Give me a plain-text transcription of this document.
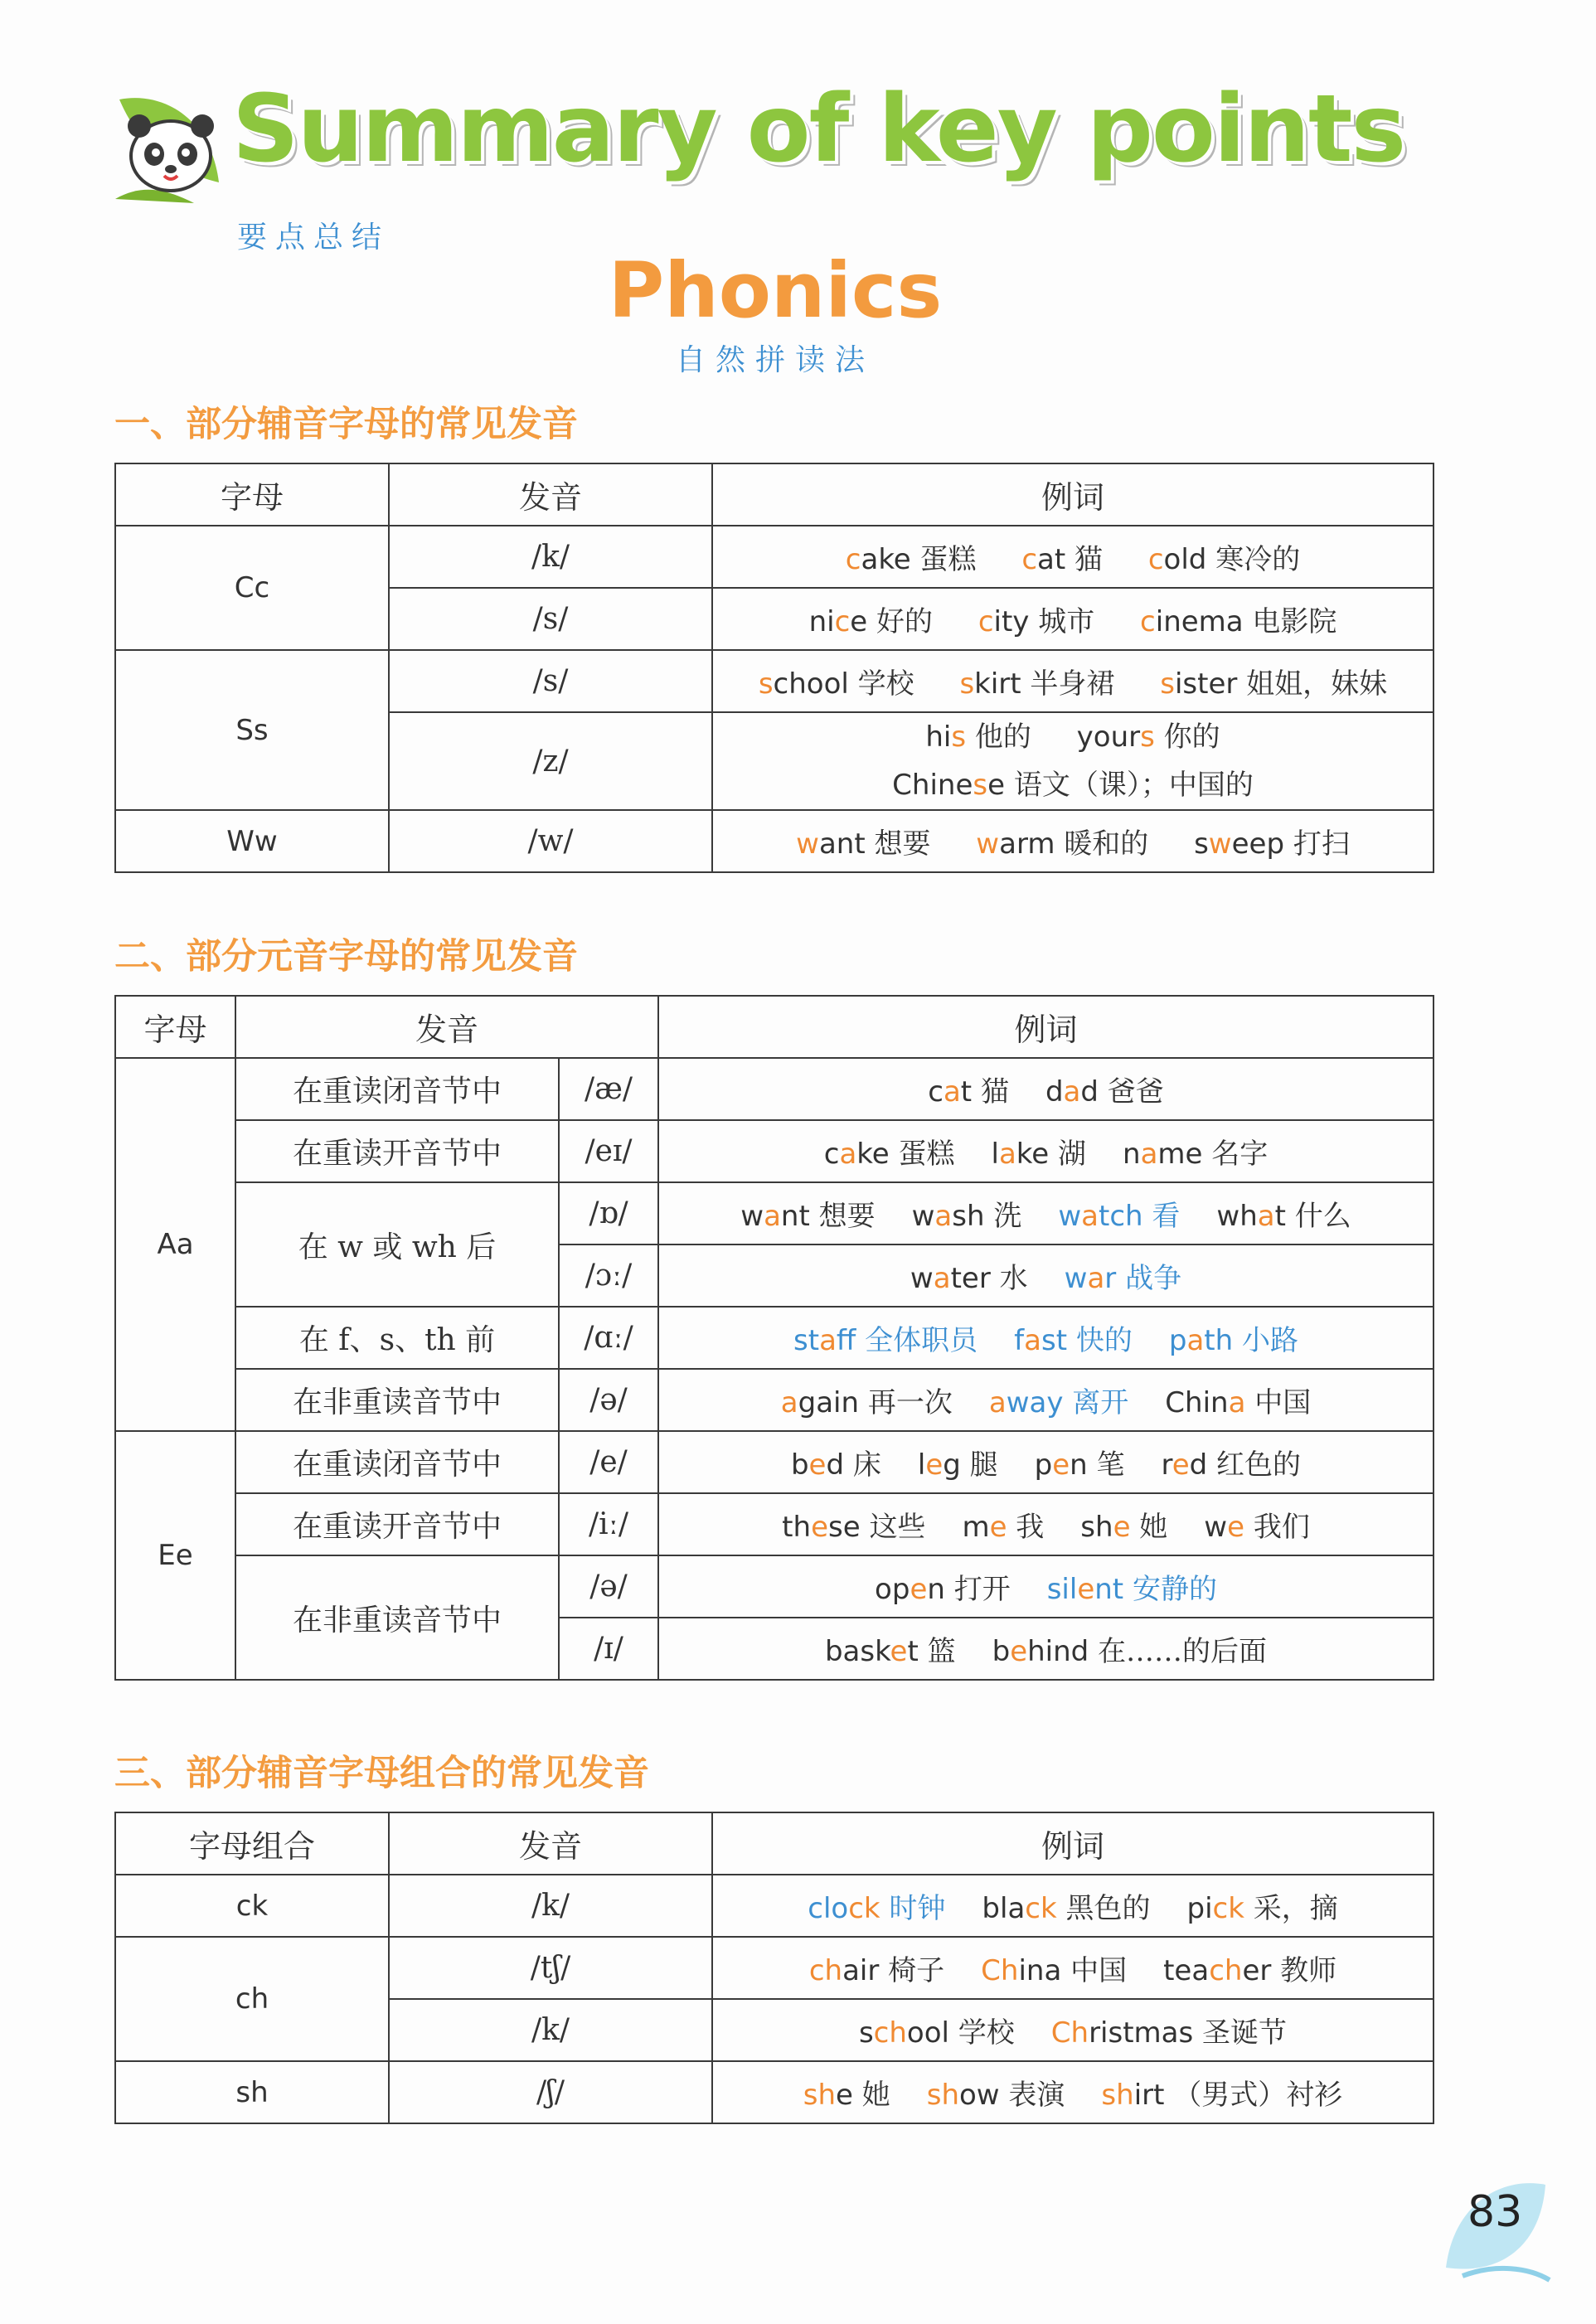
Summary of key points
要点总结
Phonics
自然拼读法
一、部分辅音字母的常见发音
字母	发音	例词
Cc	/k/	cake 蛋糕 cat 猫 cold 寒冷的
	/s/	nice 好的 city 城市 cinema 电影院
Ss	/s/	school 学校 skirt 半身裙 sister 姐姐，妹妹
	/z/	his 他的 yours 你的
Chinese 语文（课）；中国的
Ww	/w/	want 想要 warm 暖和的 sweep 打扫
二、部分元音字母的常见发音
字母	发音		例词
Aa	在重读闭音节中	/æ/	cat 猫 dad 爸爸
	在重读开音节中	/eɪ/	cake 蛋糕 lake 湖 name 名字
	在 w 或 wh 后	/ɒ/	want 想要 wash 洗 watch 看 what 什么
		/ɔː/	water 水 war 战争
	在 f、s、th 前	/ɑː/	staff 全体职员 fast 快的 path 小路
	在非重读音节中	/ə/	again 再一次 away 离开 China 中国
Ee	在重读闭音节中	/e/	bed 床 leg 腿 pen 笔 red 红色的
	在重读开音节中	/iː/	these 这些 me 我 she 她 we 我们
	在非重读音节中	/ə/	open 打开 silent 安静的
		/ɪ/	basket 篮 behind 在……的后面
三、部分辅音字母组合的常见发音
字母组合	发音	例词
ck	/k/	clock 时钟 black 黑色的 pick 采，摘
ch	/tʃ/	chair 椅子 China 中国 teacher 教师
	/k/	school 学校 Christmas 圣诞节
sh	/ʃ/	she 她 show 表演 shirt （男式）衬衫
83
